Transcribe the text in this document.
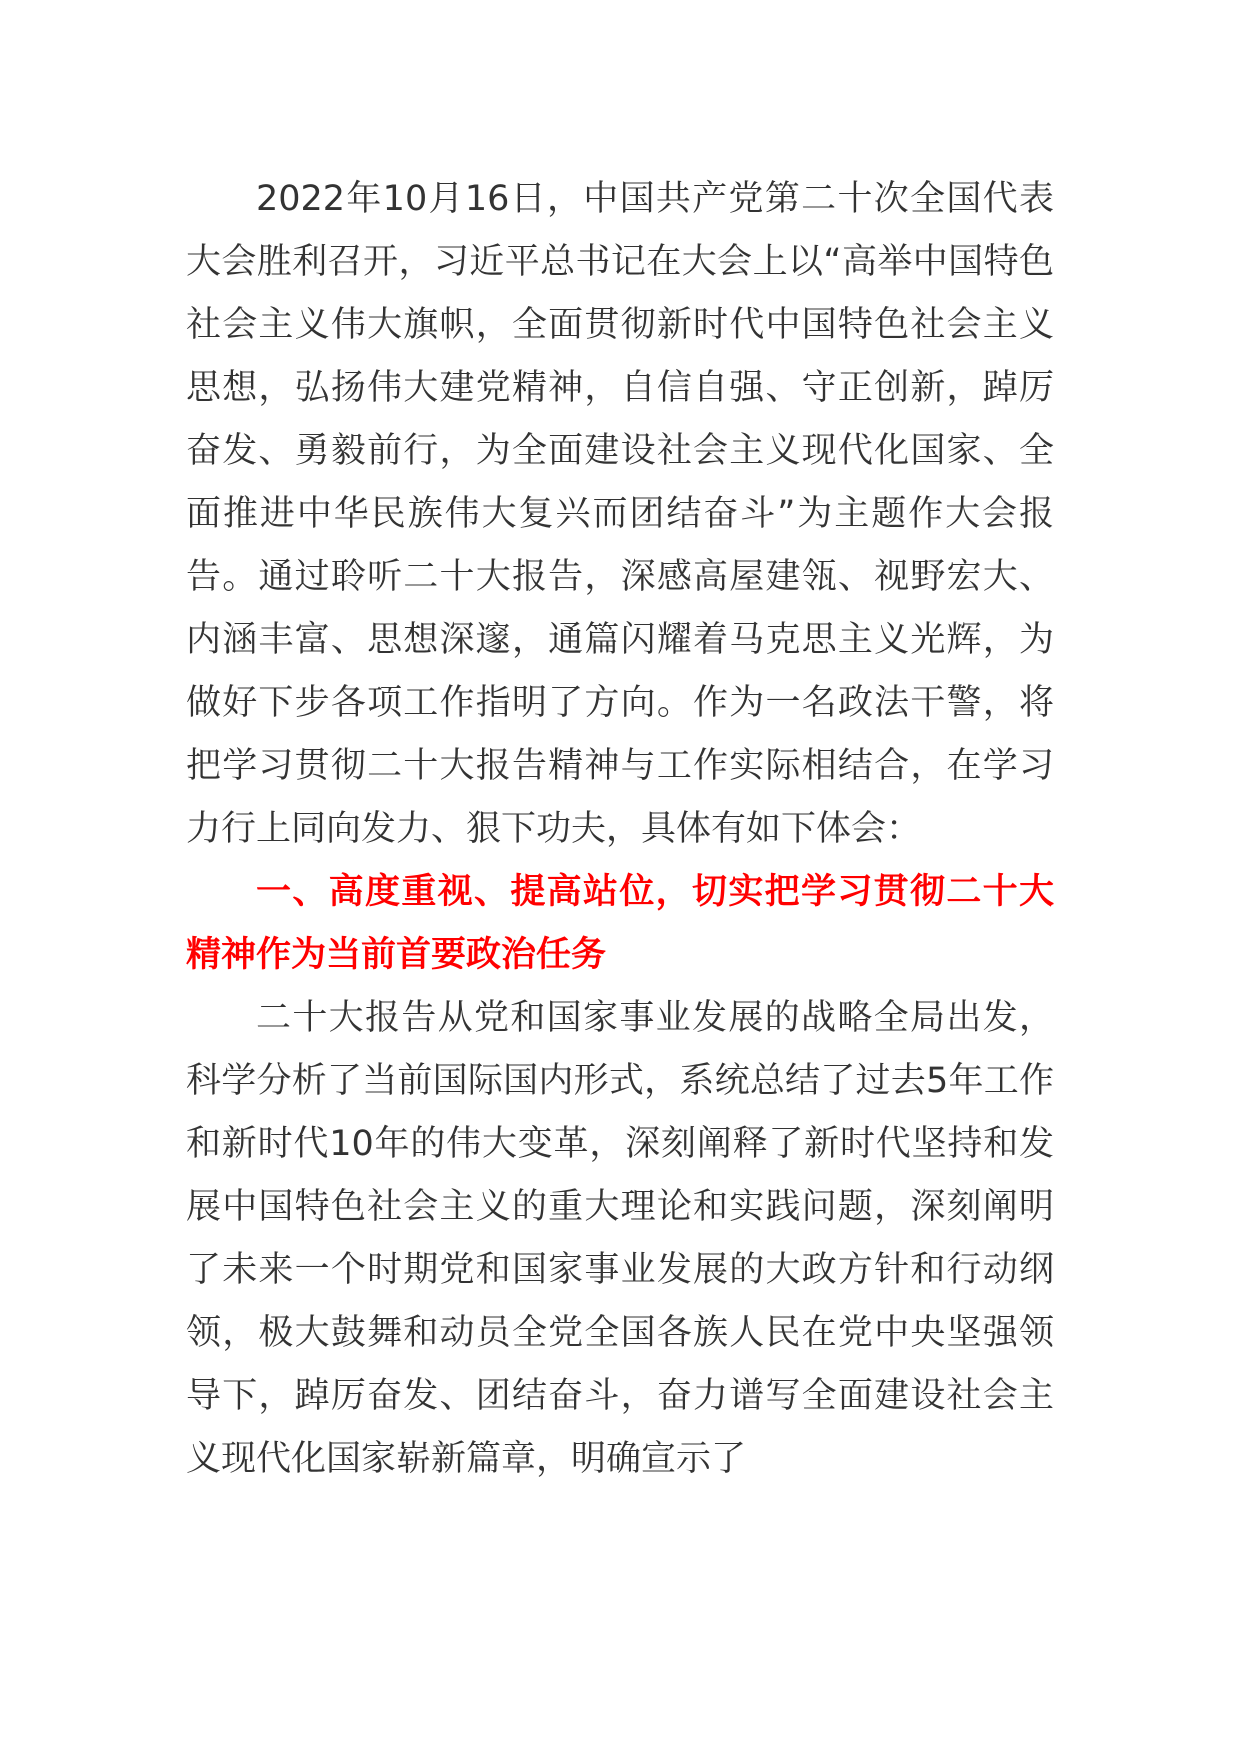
2022年10月16日，中国共产党第二十次全国代表大会胜利召开，习近平总书记在大会上以“高举中国特色社会主义伟大旗帜，全面贯彻新时代中国特色社会主义思想，弘扬伟大建党精神，自信自强、守正创新，踔厉奋发、勇毅前行，为全面建设社会主义现代化国家、全面推进中华民族伟大复兴而团结奋斗”为主题作大会报告。通过聆听二十大报告，深感高屋建瓴、视野宏大、内涵丰富、思想深邃，通篇闪耀着马克思主义光辉，为做好下步各项工作指明了方向。作为一名政法干警，将把学习贯彻二十大报告精神与工作实际相结合，在学习力行上同向发力、狠下功夫，具体有如下体会：

一、高度重视、提高站位，切实把学习贯彻二十大精神作为当前首要政治任务

二十大报告从党和国家事业发展的战略全局出发，科学分析了当前国际国内形式，系统总结了过去5年工作和新时代10年的伟大变革，深刻阐释了新时代坚持和发展中国特色社会主义的重大理论和实践问题，深刻阐明了未来一个时期党和国家事业发展的大政方针和行动纲领，极大鼓舞和动员全党全国各族人民在党中央坚强领导下，踔厉奋发、团结奋斗，奋力谱写全面建设社会主义现代化国家崭新篇章，明确宣示了
